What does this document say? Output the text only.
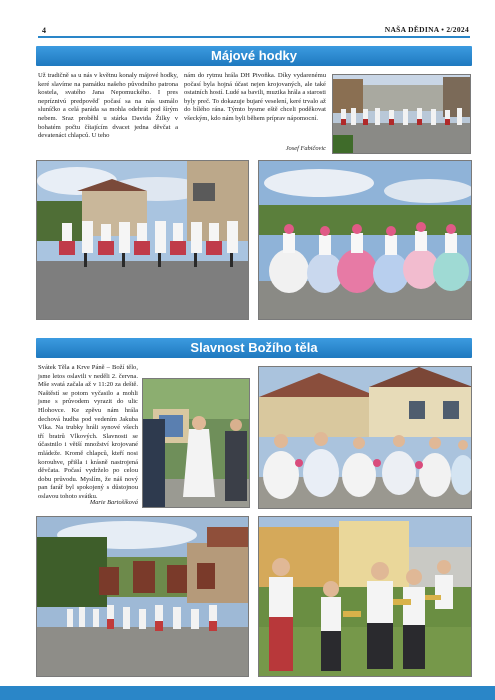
4	NAŠA DĚDINA • 2/2024
Májové hodky
Už tradičně sa u nás v květnu konaly májové hodky, keré slavíme na památku našeho původního patrona kostela, svatého Jana Nepomuckého. I pres nepríznivú predpověď počasí sa na nás usmálo sluníčko a celá paráda sa mohla odehrát pod šírým nebem. Sraz proběhl u stárka Davida Žilky v bohatém počtu čítajícím dvacet jedna děvčat a devatenáct chlapců. U teho
nám do rytmu hrála DH Pivoňka. Díky vydarenému počasí byla hojná účast nejen krojovaných, ale také ostatních hostí. Ludé sa bavili, muzika hrála a starosti byly preč. To dokazuje bujaré veselení, keré trvalo až do bílého rána. Týmto bysme eště chceli poděkovat všeckým, kdo nám byli během príprav nápomocní.
Josef Fabičovic
Slavnost Božího těla
Svátek Těla a Krve Páně – Boží tělo, jsme letos oslavili v neděli 2. června. Mše svatá začala až v 11:20 za deště. Naštěstí se potom vyčasilo a mohli jsme s průvodem vyrazit do ulic Hlohovce. Ke zpěvu nám hrála dechová hudba pod vedením Jakuba Vlka. Na trubky hráli synové všech tří bratrů Vlkových. Slavnosti se účastnilo i větší množství krojované mládeže. Kromě chlapců, kteří nosi korouhve, přišla i krásně nastrojená děvčata. Počasí vydrželo po celou dobu průvodu. Myslím, že náš nový pan farář byl spokojený s důstojnou oslavou tohoto svátku.
Marie Bartošíková
